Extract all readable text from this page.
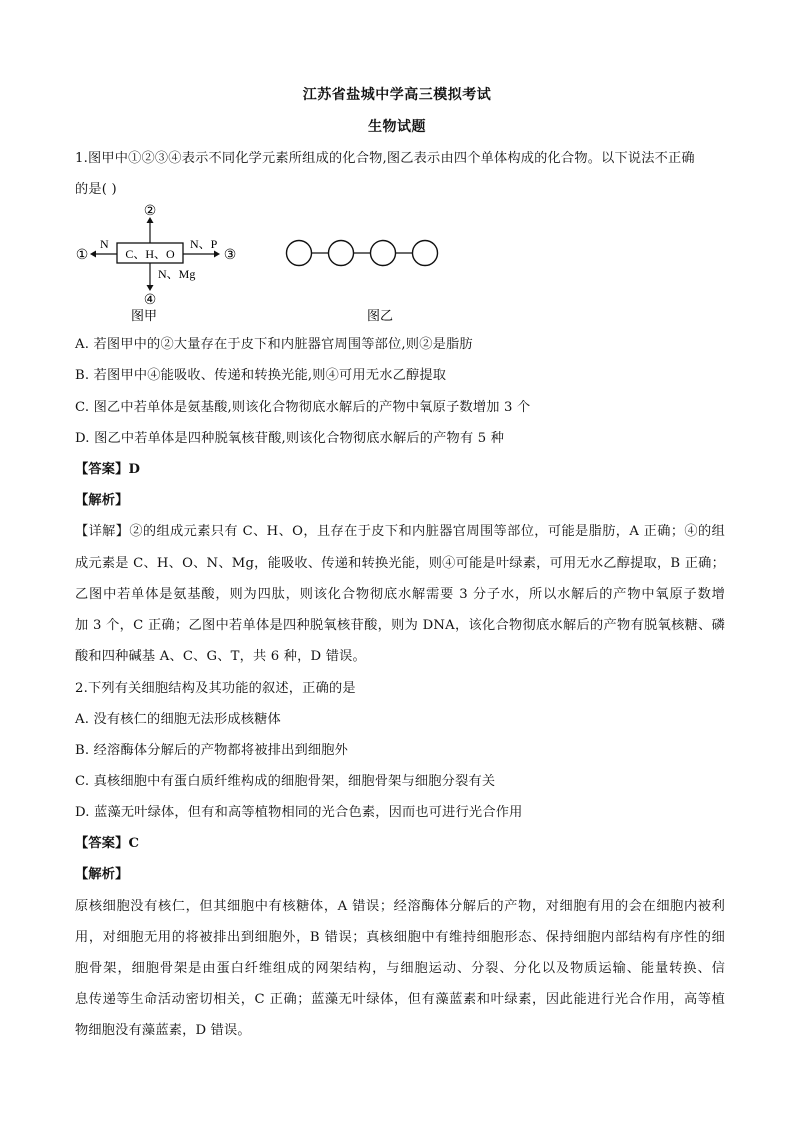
江苏省盐城中学高三模拟考试
生物试题
1.图甲中①②③④表示不同化学元素所组成的化合物,图乙表示由四个单体构成的化合物。以下说法不正确
的是( )
C、H、O
②
N
①
N、P
③
N、Mg
④
图甲	图乙
A. 若图甲中的②大量存在于皮下和内脏器官周围等部位,则②是脂肪
B. 若图甲中④能吸收、传递和转换光能,则④可用无水乙醇提取
C. 图乙中若单体是氨基酸,则该化合物彻底水解后的产物中氧原子数增加 3 个
D. 图乙中若单体是四种脱氧核苷酸,则该化合物彻底水解后的产物有 5 种
【答案】D
【解析】
【详解】②的组成元素只有 C、H、O，且存在于皮下和内脏器官周围等部位，可能是脂肪，A 正确；④的组
成元素是 C、H、O、N、Mg，能吸收、传递和转换光能，则④可能是叶绿素，可用无水乙醇提取，B 正确；
乙图中若单体是氨基酸，则为四肽，则该化合物彻底水解需要 3 分子水，所以水解后的产物中氧原子数增
加 3 个，C 正确；乙图中若单体是四种脱氧核苷酸，则为 DNA，该化合物彻底水解后的产物有脱氧核糖、磷
酸和四种碱基 A、C、G、T，共 6 种，D 错误。
2.下列有关细胞结构及其功能的叙述，正确的是
A. 没有核仁的细胞无法形成核糖体
B. 经溶酶体分解后的产物都将被排出到细胞外
C. 真核细胞中有蛋白质纤维构成的细胞骨架，细胞骨架与细胞分裂有关
D. 蓝藻无叶绿体，但有和高等植物相同的光合色素，因而也可进行光合作用
【答案】C
【解析】
原核细胞没有核仁，但其细胞中有核糖体，A 错误；经溶酶体分解后的产物，对细胞有用的会在细胞内被利
用，对细胞无用的将被排出到细胞外，B 错误；真核细胞中有维持细胞形态、保持细胞内部结构有序性的细
胞骨架，细胞骨架是由蛋白纤维组成的网架结构，与细胞运动、分裂、分化以及物质运输、能量转换、信
息传递等生命活动密切相关，C 正确；蓝藻无叶绿体，但有藻蓝素和叶绿素，因此能进行光合作用，高等植
物细胞没有藻蓝素，D 错误。
